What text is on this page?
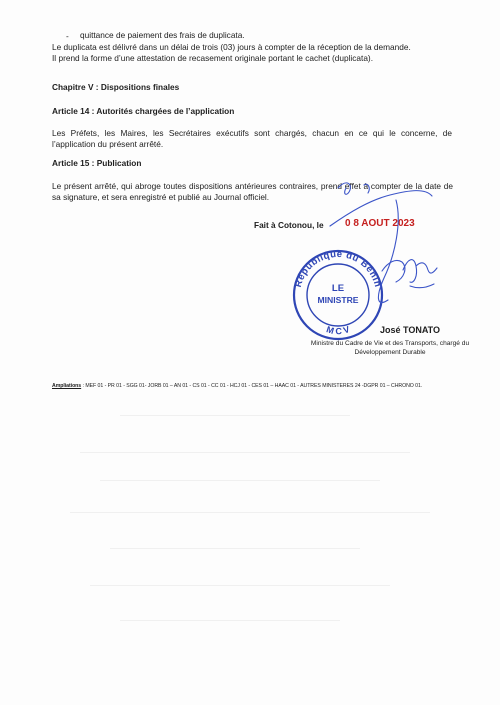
- quittance de paiement des frais de duplicata.
Le duplicata est délivré dans un délai de trois (03) jours à compter de la réception de la demande.
Il prend la forme d’une attestation de recasement originale portant le cachet (duplicata).
Chapitre V : Dispositions finales
Article 14 : Autorités chargées de l’application
Les Préfets, les Maires, les Secrétaires exécutifs sont chargés, chacun en ce qui le concerne, de l’application du présent arrêté.
Article 15 : Publication
Le présent arrêté, qui abroge toutes dispositions antérieures contraires, prend effet à compter de la date de sa signature, et sera enregistré et publié au Journal officiel.
Fait à Cotonou, le 0 8 AOUT 2023
République du Bénin
LE
MINISTRE
M C V	José TONATO
Ministre du Cadre de Vie et des Transports, chargé du Développement Durable
Ampliations : MEF 01 - PR 01 - SGG 01- JORB 01 – AN 01 - CS 01 - CC 01 - HCJ 01 - CES 01 – HAAC 01 - AUTRES MINISTERES 24 -DGPR 01 – CHRONO 01.
